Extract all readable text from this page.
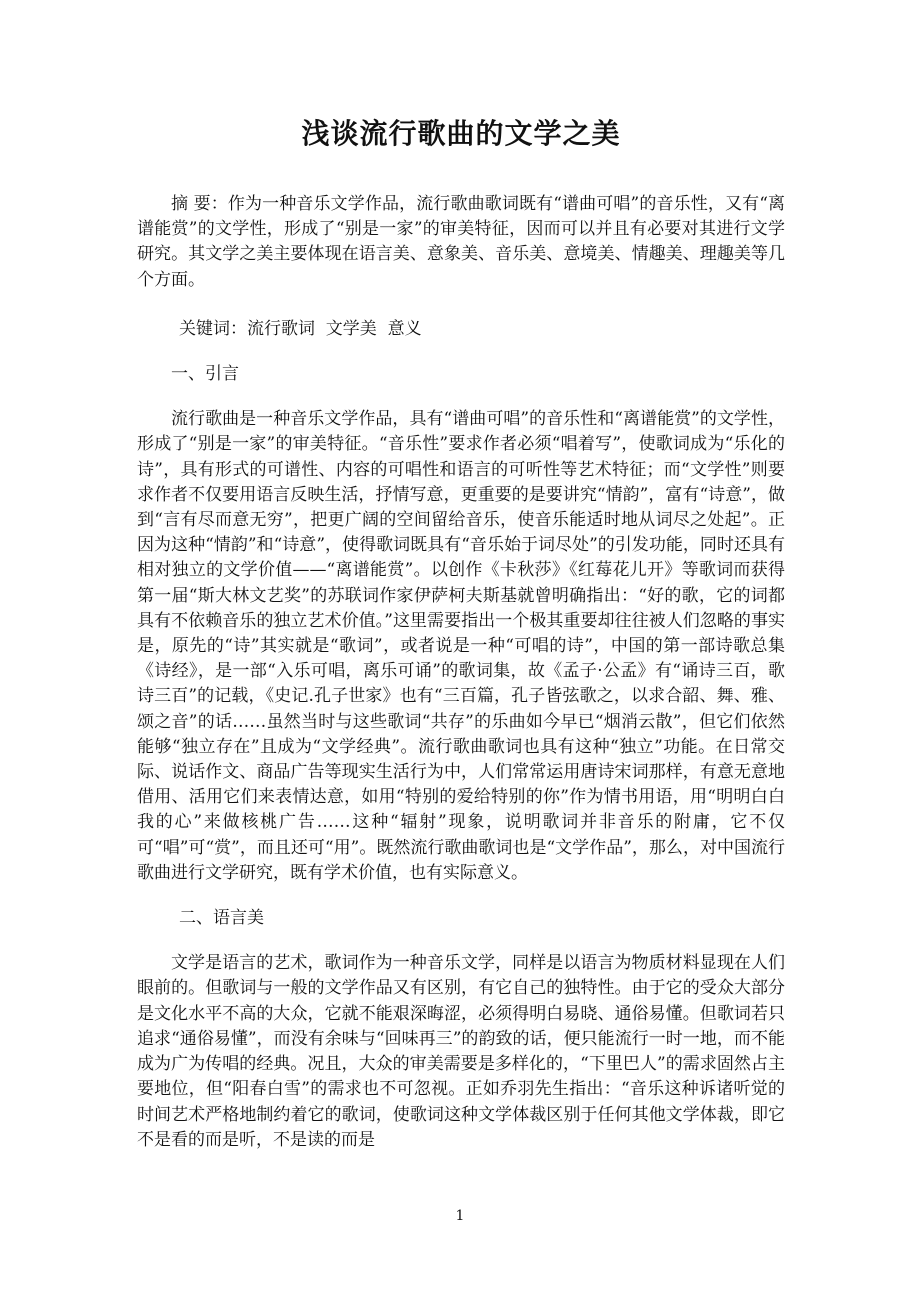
浅谈流行歌曲的文学之美

摘 要：作为一种音乐文学作品，流行歌曲歌词既有“谱曲可唱”的音乐性，又有“离谱能赏”的文学性，形成了“别是一家”的审美特征，因而可以并且有必要对其进行文学研究。其文学之美主要体现在语言美、意象美、音乐美、意境美、情趣美、理趣美等几个方面。

关键词：流行歌词  文学美  意义

一、引言

流行歌曲是一种音乐文学作品，具有“谱曲可唱”的音乐性和“离谱能赏”的文学性，形成了“别是一家”的审美特征。“音乐性”要求作者必须“唱着写”，使歌词成为“乐化的诗”，具有形式的可谱性、内容的可唱性和语言的可听性等艺术特征；而“文学性”则要求作者不仅要用语言反映生活，抒情写意，更重要的是要讲究“情韵”，富有“诗意”，做到“言有尽而意无穷”，把更广阔的空间留给音乐，使音乐能适时地从词尽之处起”。正因为这种“情韵”和“诗意”，使得歌词既具有“音乐始于词尽处”的引发功能，同时还具有相对独立的文学价值——“离谱能赏”。以创作《卡秋莎》《红莓花儿开》等歌词而获得第一届“斯大林文艺奖”的苏联词作家伊萨柯夫斯基就曾明确指出：“好的歌，它的词都具有不依赖音乐的独立艺术价值。”这里需要指出一个极其重要却往往被人们忽略的事实是，原先的“诗”其实就是“歌词”，或者说是一种“可唱的诗”，中国的第一部诗歌总集《诗经》，是一部“入乐可唱，离乐可诵”的歌词集，故《孟子·公孟》有“诵诗三百，歌诗三百”的记载，《史记.孔子世家》也有“三百篇，孔子皆弦歌之，以求合韶、舞、雅、颂之音”的话……虽然当时与这些歌词“共存”的乐曲如今早已“烟消云散”，但它们依然能够“独立存在”且成为“文学经典”。流行歌曲歌词也具有这种“独立”功能。在日常交际、说话作文、商品广告等现实生活行为中，人们常常运用唐诗宋词那样，有意无意地借用、活用它们来表情达意，如用“特别的爱给特别的你”作为情书用语，用“明明白白我的心”来做核桃广告……这种“辐射”现象，说明歌词并非音乐的附庸，它不仅可“唱”可“赏”，而且还可“用”。既然流行歌曲歌词也是“文学作品”，那么，对中国流行歌曲进行文学研究，既有学术价值，也有实际意义。

二、语言美

文学是语言的艺术，歌词作为一种音乐文学，同样是以语言为物质材料显现在人们眼前的。但歌词与一般的文学作品又有区别，有它自己的独特性。由于它的受众大部分是文化水平不高的大众，它就不能艰深晦涩，必须得明白易晓、通俗易懂。但歌词若只追求“通俗易懂”，而没有余味与“回味再三”的韵致的话，便只能流行一时一地，而不能成为广为传唱的经典。况且，大众的审美需要是多样化的，“下里巴人”的需求固然占主要地位，但“阳春白雪”的需求也不可忽视。正如乔羽先生指出：“音乐这种诉诸听觉的时间艺术严格地制约着它的歌词，使歌词这种文学体裁区别于任何其他文学体裁，即它不是看的而是听，不是读的而是

1
